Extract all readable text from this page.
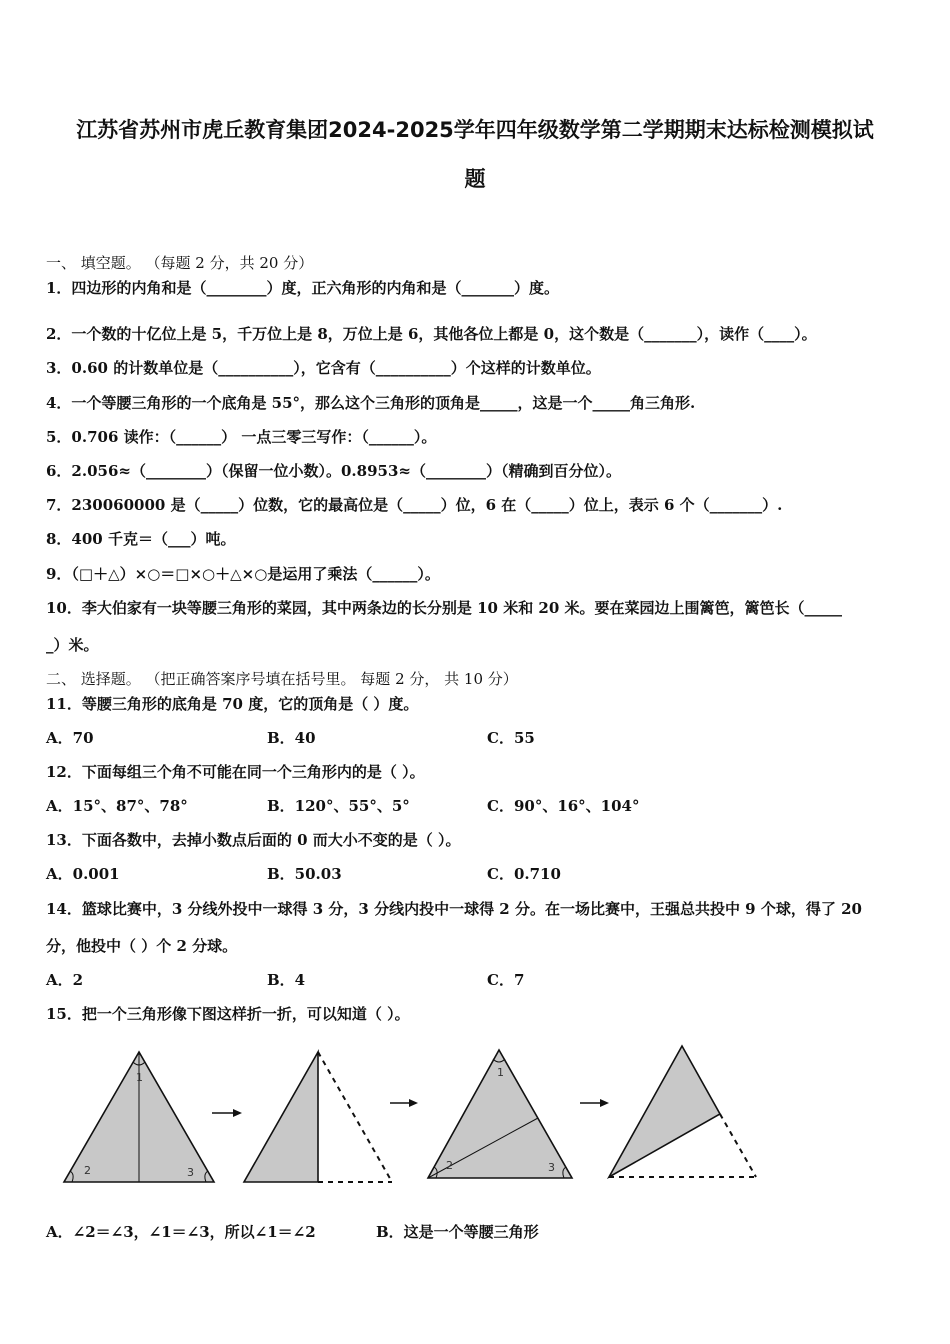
江苏省苏州市虎丘教育集团2024-2025学年四年级数学第二学期期末达标检测模拟试
题
一、 填空题。 （每题 2 分，共 20 分）
1．四边形的内角和是（________）度，正六角形的内角和是（_______）度。
2．一个数的十亿位上是 5，千万位上是 8，万位上是 6，其他各位上都是 0，这个数是（_______），读作（____）。
3．0.60 的计数单位是（__________），它含有（__________）个这样的计数单位。
4．一个等腰三角形的一个底角是 55°，那么这个三角形的顶角是_____，这是一个_____角三角形.
5．0.706 读作：（______） 一点三零三写作：（______）。
6．2.056≈（________）（保留一位小数）。0.8953≈（________）（精确到百分位）。
7．230060000 是（_____）位数，它的最高位是（_____）位，6 在（_____）位上，表示 6 个（_______）.
8．400 千克＝（___）吨。
9．（□＋△）×○＝□×○＋△×○是运用了乘法（______）。
10．李大伯家有一块等腰三角形的菜园，其中两条边的长分别是 10 米和 20 米。要在菜园边上围篱笆，篱笆长（_____
_）米。
二、 选择题。 （把正确答案序号填在括号里。 每题 2 分， 共 10 分）
11．等腰三角形的底角是 70 度，它的顶角是（ ）度。
A．70	B．40	C．55
12．下面每组三个角不可能在同一个三角形内的是（ ）。
A．15°、87°、78°	B．120°、55°、5°	C．90°、16°、104°
13．下面各数中，去掉小数点后面的 0 而大小不变的是（ ）。
A．0.001	B．50.03	C．0.710
14．篮球比赛中，3 分线外投中一球得 3 分，3 分线内投中一球得 2 分。在一场比赛中，王强总共投中 9 个球，得了 20
分，他投中（ ）个 2 分球。
A．2	B．4	C．7
15．把一个三角形像下图这样折一折，可以知道（ ）。
1
2	3
1
2	3
A．∠2＝∠3，∠1＝∠3，所以∠1＝∠2	B．这是一个等腰三角形
